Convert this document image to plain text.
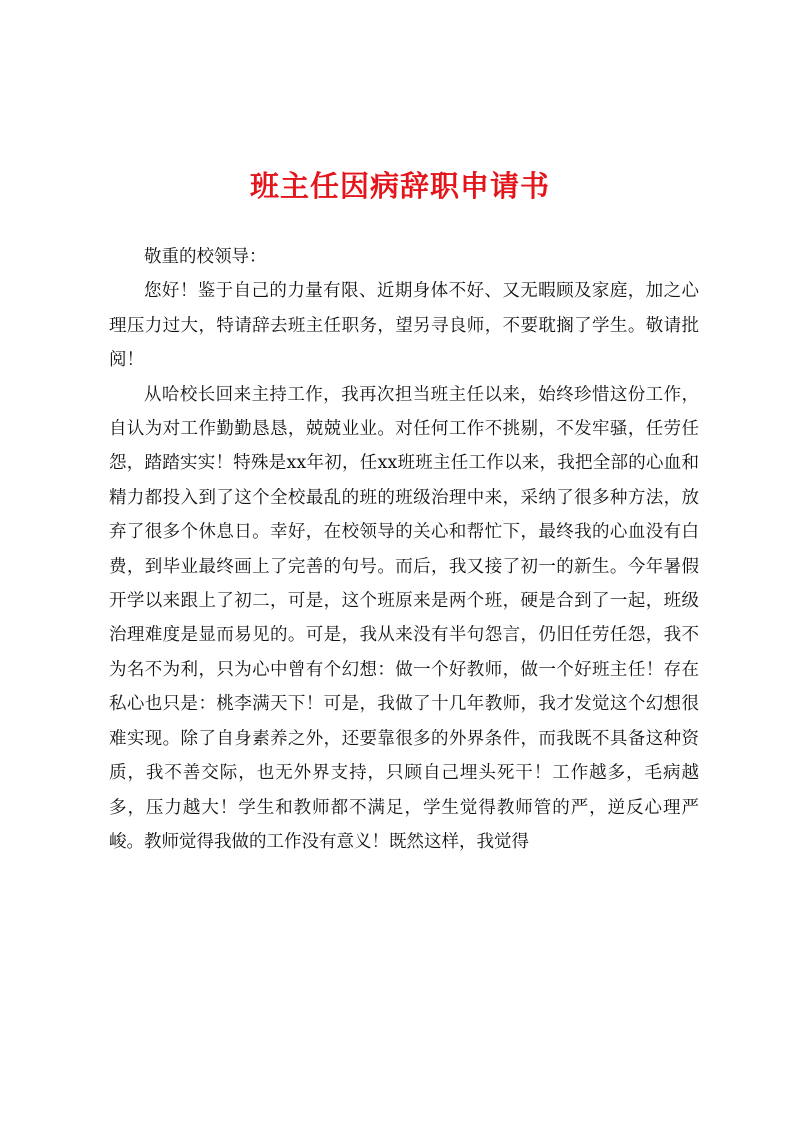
班主任因病辞职申请书

敬重的校领导：

您好！鉴于自己的力量有限、近期身体不好、又无暇顾及家庭，加之心理压力过大，特请辞去班主任职务，望另寻良师，不要耽搁了学生。敬请批阅！

从哈校长回来主持工作，我再次担当班主任以来，始终珍惜这份工作，自认为对工作勤勤恳恳，兢兢业业。对任何工作不挑剔，不发牢骚，任劳任怨，踏踏实实！特殊是xx年初，任xx班班主任工作以来，我把全部的心血和精力都投入到了这个全校最乱的班的班级治理中来，采纳了很多种方法，放弃了很多个休息日。幸好，在校领导的关心和帮忙下，最终我的心血没有白费，到毕业最终画上了完善的句号。而后，我又接了初一的新生。今年暑假开学以来跟上了初二，可是，这个班原来是两个班，硬是合到了一起，班级治理难度是显而易见的。可是，我从来没有半句怨言，仍旧任劳任怨，我不为名不为利，只为心中曾有个幻想：做一个好教师，做一个好班主任！存在私心也只是：桃李满天下！可是，我做了十几年教师，我才发觉这个幻想很难实现。除了自身素养之外，还要靠很多的外界条件，而我既不具备这种资质，我不善交际，也无外界支持，只顾自己埋头死干！工作越多，毛病越多，压力越大！学生和教师都不满足，学生觉得教师管的严，逆反心理严峻。教师觉得我做的工作没有意义！既然这样，我觉得
